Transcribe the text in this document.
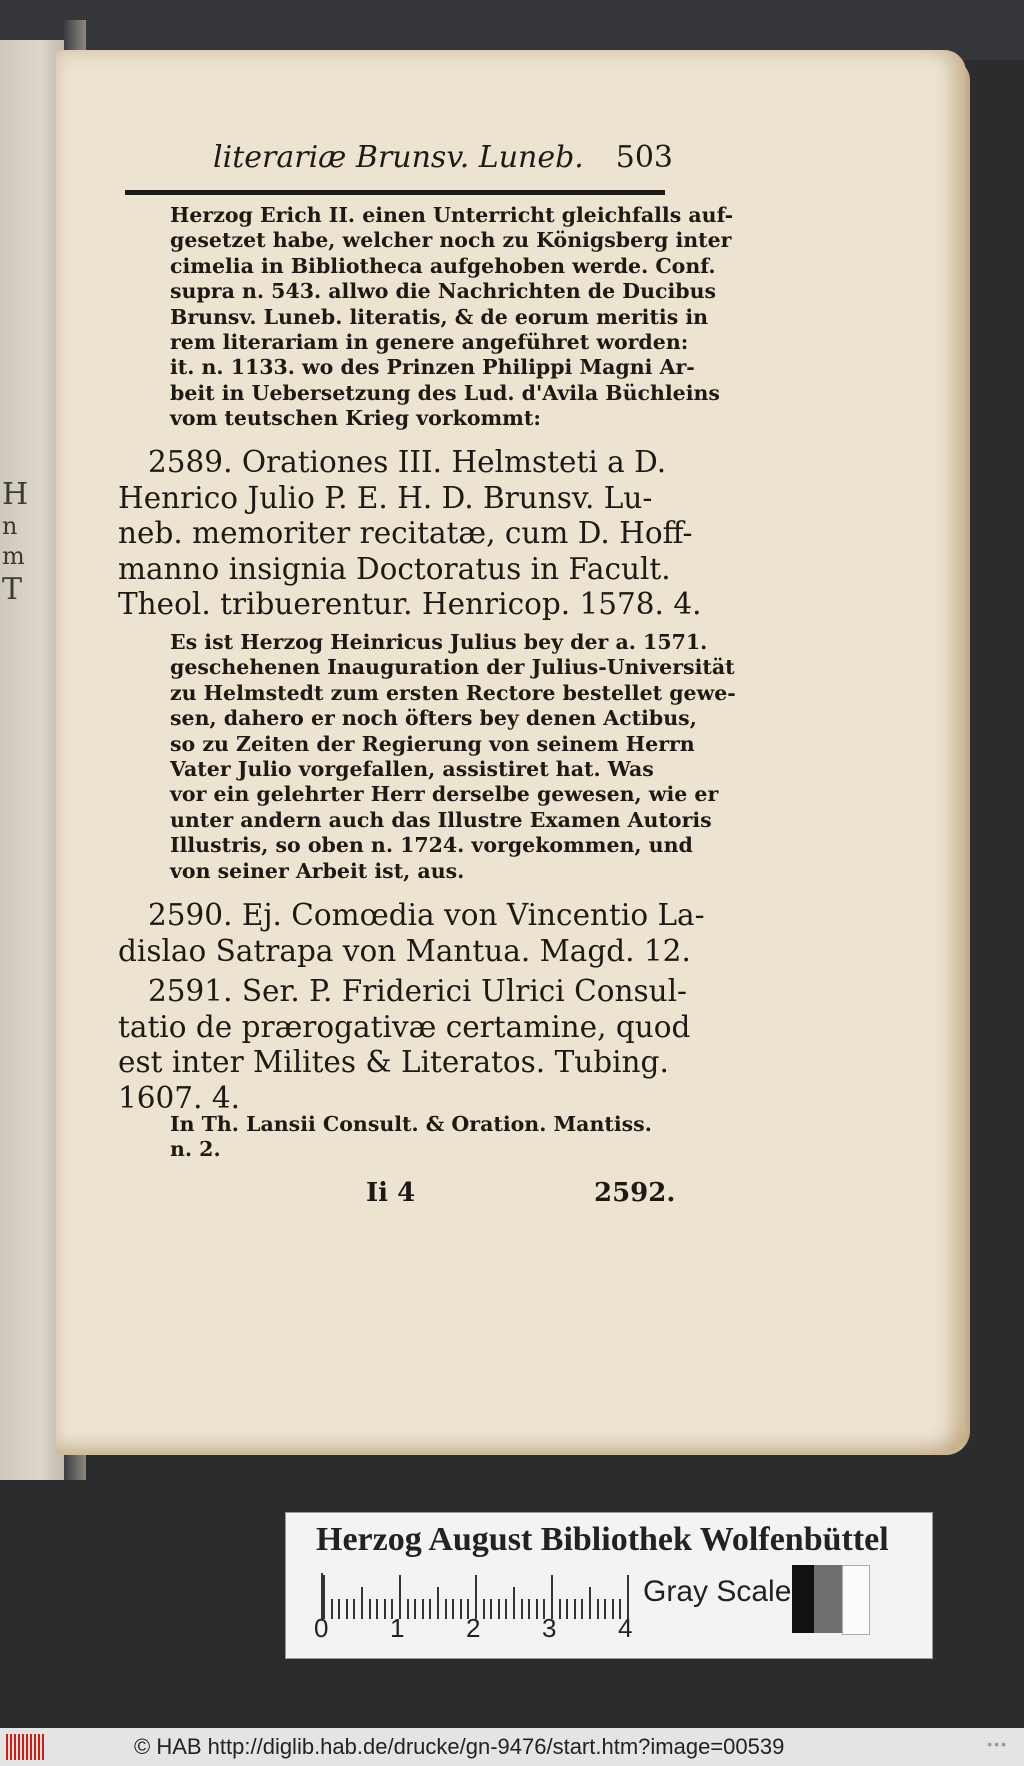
H
n
m
T
literariæ Brunsv. Luneb. 503
Herzog Erich II. einen Unterricht gleichfalls auf-
gesetzet habe, welcher noch zu Königsberg inter
cimelia in Bibliotheca aufgehoben werde. Conf.
supra n. 543. allwo die Nachrichten de Ducibus
Brunsv. Luneb. literatis, & de eorum meritis in
rem literariam in genere angeführet worden:
it. n. 1133. wo des Prinzen Philippi Magni Ar-
beit in Uebersetzung des Lud. d'Avila Büchleins
vom teutschen Krieg vorkommt:
2589. Orationes III. Helmsteti a D.
Henrico Julio P. E. H. D. Brunsv. Lu-
neb. memoriter recitatæ, cum D. Hoff-
manno insignia Doctoratus in Facult.
Theol. tribuerentur. Henricop. 1578. 4.
Es ist Herzog Heinricus Julius bey der a. 1571.
geschehenen Inauguration der Julius-Universität
zu Helmstedt zum ersten Rectore bestellet gewe-
sen, dahero er noch öfters bey denen Actibus,
so zu Zeiten der Regierung von seinem Herrn
Vater Julio vorgefallen, assistiret hat. Was
vor ein gelehrter Herr derselbe gewesen, wie er
unter andern auch das Illustre Examen Autoris
Illustris, so oben n. 1724. vorgekommen, und
von seiner Arbeit ist, aus.
2590. Ej. Comœdia von Vincentio La-
dislao Satrapa von Mantua. Magd. 12.
2591. Ser. P. Friderici Ulrici Consul-
tatio de prærogativæ certamine, quod
est inter Milites & Literatos. Tubing.
1607. 4.
In Th. Lansii Consult. & Oration. Mantiss.
n. 2.
Ii 4	2592.
Herzog August Bibliothek Wolfenbüttel
0 1 2 3 4
Gray Scale
© HAB http://diglib.hab.de/drucke/gn-9476/start.htm?image=00539	•••
